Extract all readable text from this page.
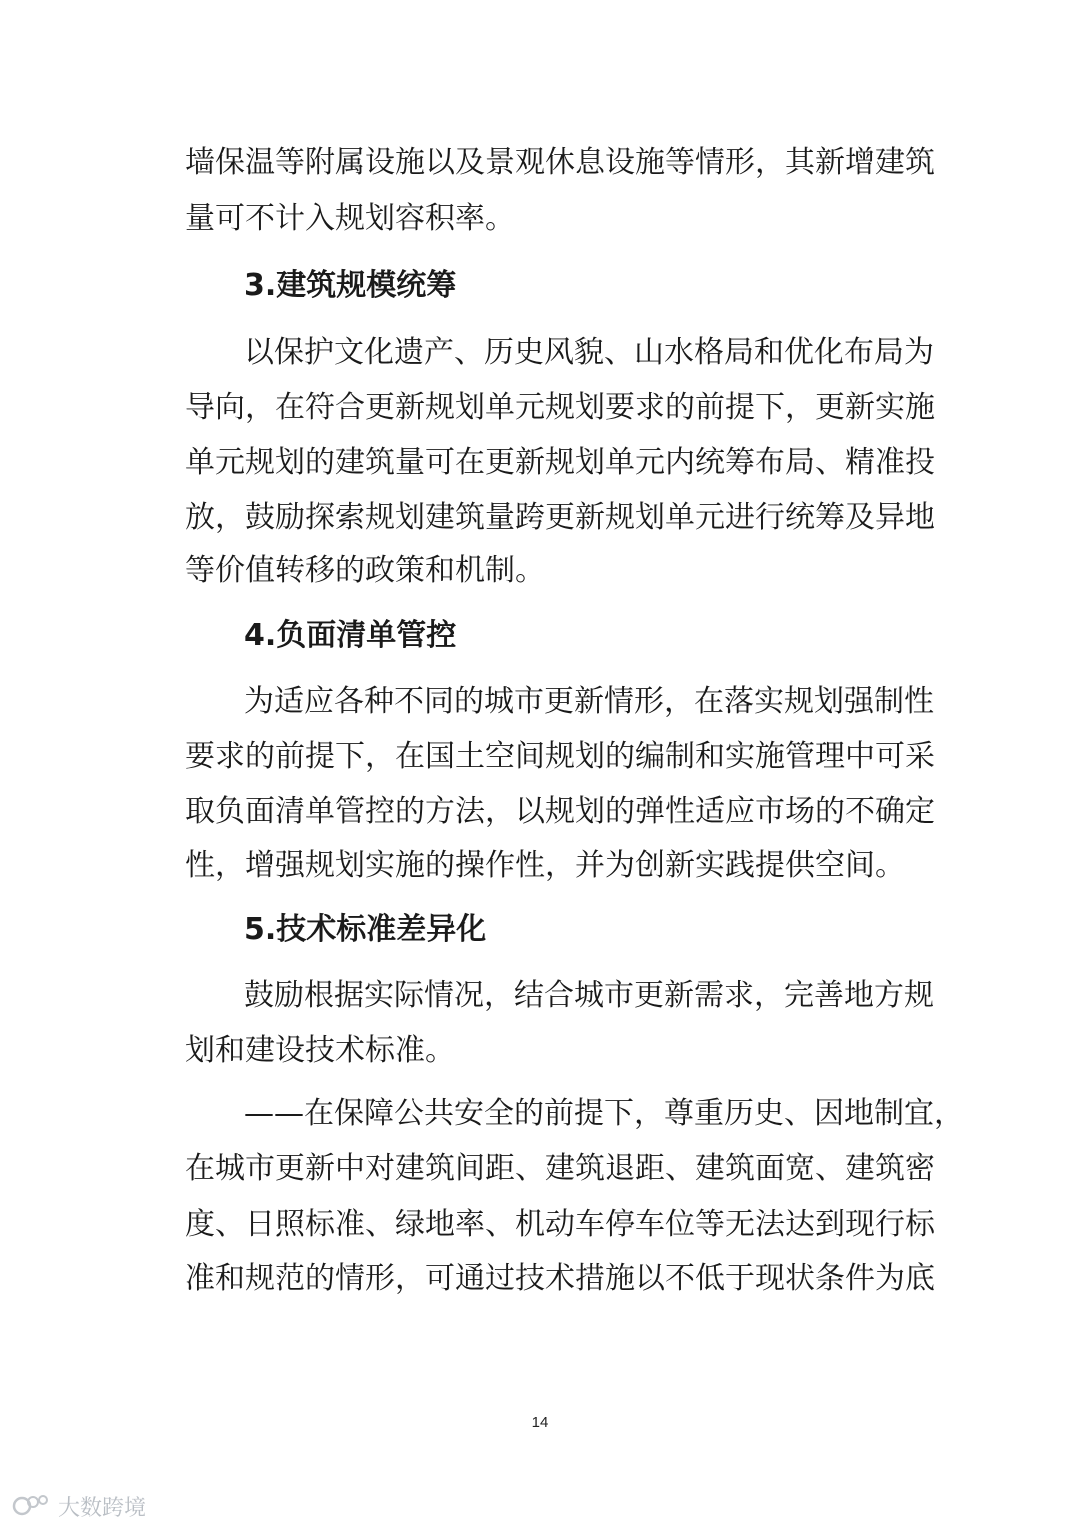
墙保温等附属设施以及景观休息设施等情形，其新增建筑
量可不计入规划容积率。
3.建筑规模统筹
以保护文化遗产、历史风貌、山水格局和优化布局为
导向，在符合更新规划单元规划要求的前提下，更新实施
单元规划的建筑量可在更新规划单元内统筹布局、精准投
放，鼓励探索规划建筑量跨更新规划单元进行统筹及异地
等价值转移的政策和机制。
4.负面清单管控
为适应各种不同的城市更新情形，在落实规划强制性
要求的前提下，在国土空间规划的编制和实施管理中可采
取负面清单管控的方法，以规划的弹性适应市场的不确定
性，增强规划实施的操作性，并为创新实践提供空间。
5.技术标准差异化
鼓励根据实际情况，结合城市更新需求，完善地方规
划和建设技术标准。
——在保障公共安全的前提下，尊重历史、因地制宜，
在城市更新中对建筑间距、建筑退距、建筑面宽、建筑密
度、日照标准、绿地率、机动车停车位等无法达到现行标
准和规范的情形，可通过技术措施以不低于现状条件为底
14
大数跨境
